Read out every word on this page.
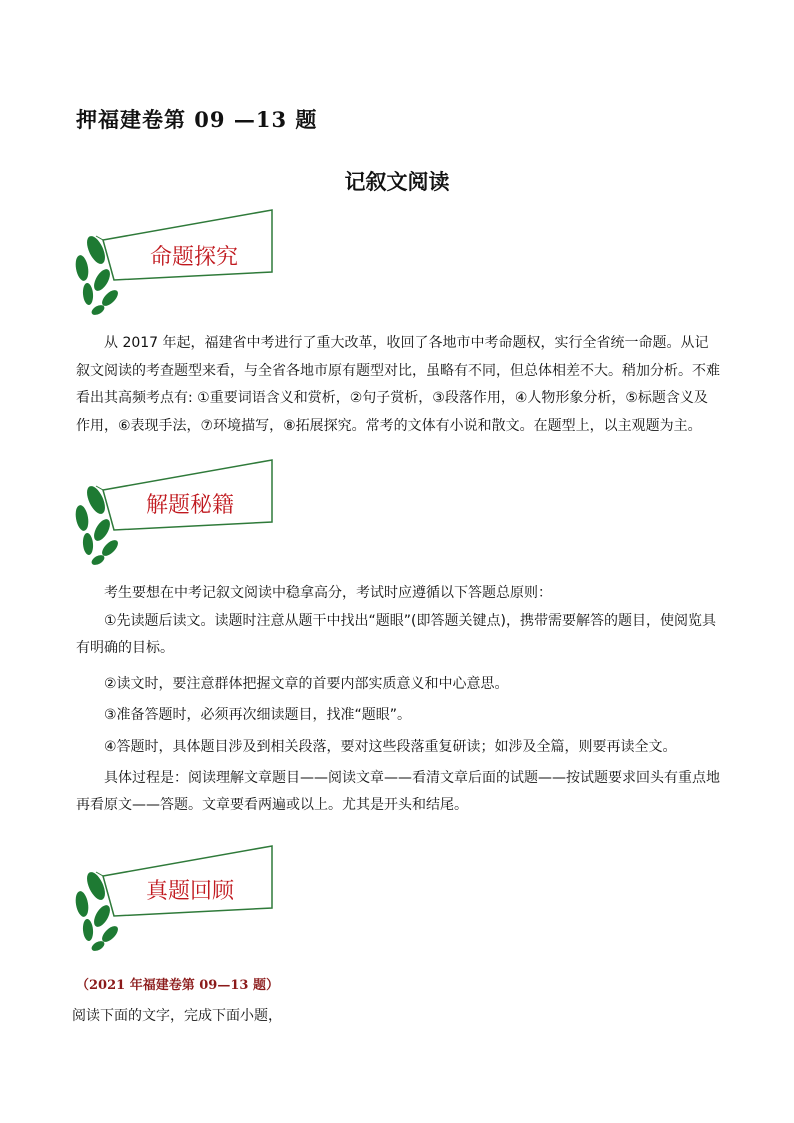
押福建卷第 09 —13 题
记叙文阅读
命题探究

从 2017 年起，福建省中考进行了重大改革，收回了各地市中考命题权，实行全省统一命题。从记叙文阅读的考查题型来看，与全省各地市原有题型对比，虽略有不同，但总体相差不大。稍加分析。不难看出其高频考点有: ①重要词语含义和赏析，②句子赏析，③段落作用，④人物形象分析，⑤标题含义及作用，⑥表现手法，⑦环境描写，⑧拓展探究。常考的文体有小说和散文。在题型上，以主观题为主。

解题秘籍

考生要想在中考记叙文阅读中稳拿高分，考试时应遵循以下答题总原则：

①先读题后读文。读题时注意从题干中找出“题眼”(即答题关键点)，携带需要解答的题目，使阅览具有明确的目标。

②读文时，要注意群体把握文章的首要内部实质意义和中心意思。

③准备答题时，必须再次细读题目，找准“题眼”。

④答题时，具体题目涉及到相关段落，要对这些段落重复研读；如涉及全篇，则要再读全文。

具体过程是：阅读理解文章题目——阅读文章——看清文章后面的试题——按试题要求回头有重点地再看原文——答题。文章要看两遍或以上。尤其是开头和结尾。

真题回顾

（2021 年福建卷第 09—13 题）

阅读下面的文字，完成下面小题，
